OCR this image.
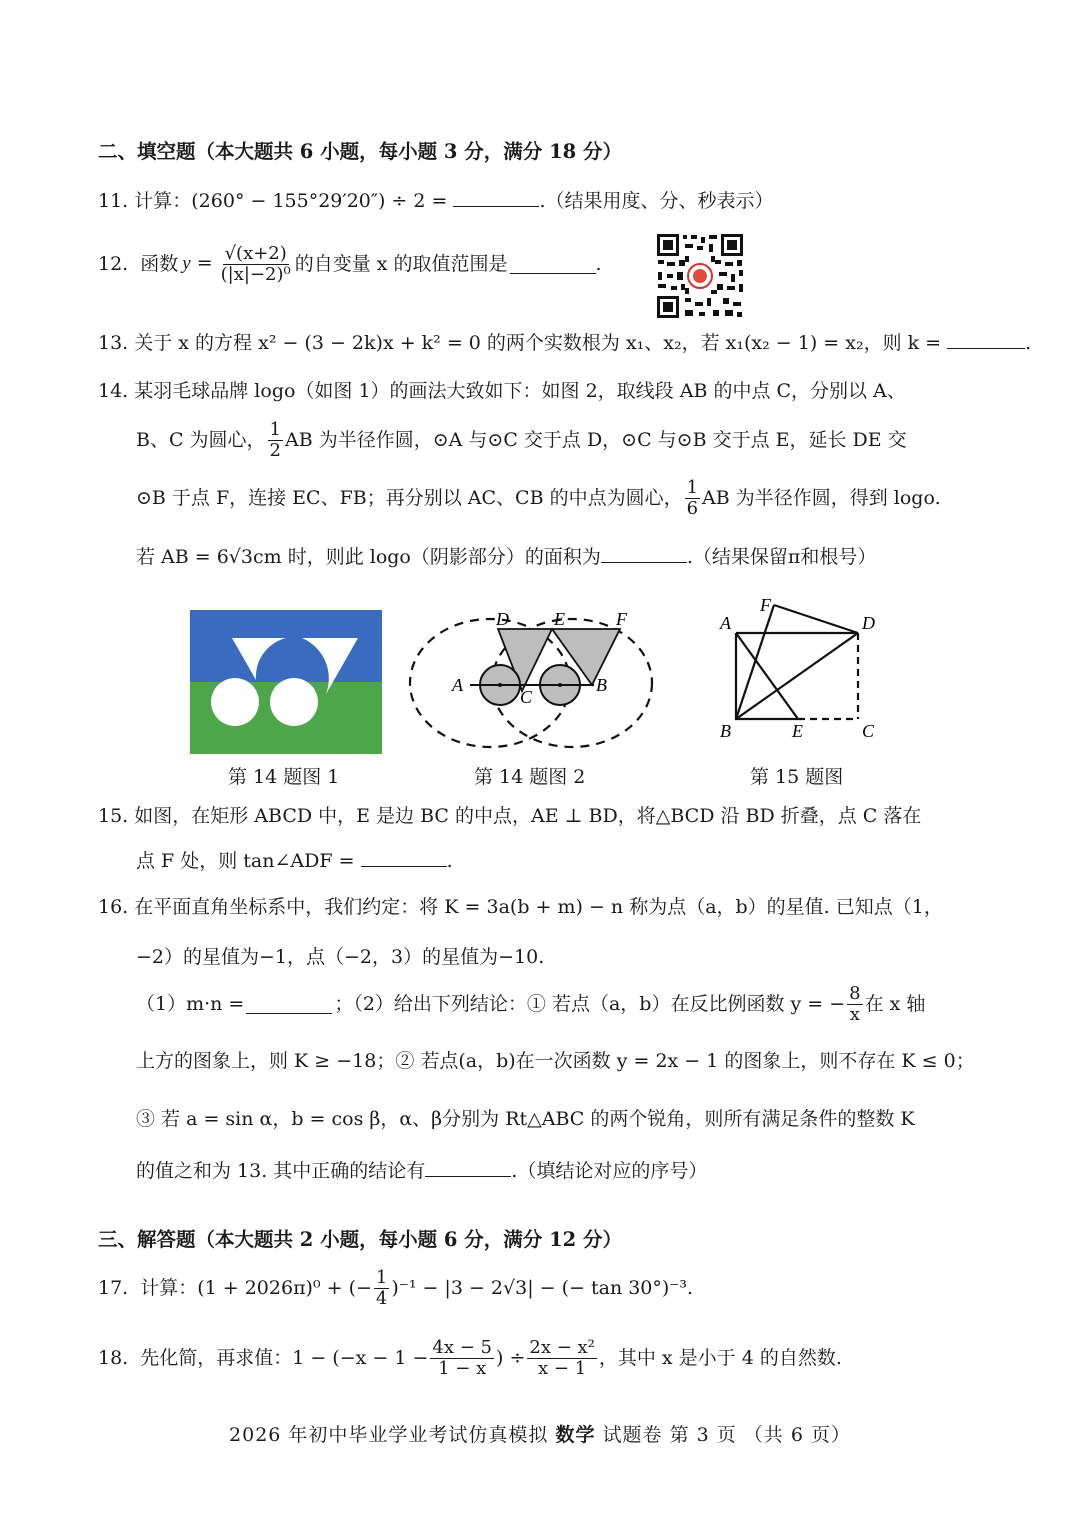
二、填空题（本大题共 6 小题，每小题 3 分，满分 18 分）
11. 计算：(260° − 155°29′20″) ÷ 2 =	.（结果用度、分、秒表示）
12. 函数 $y = \frac{√(x+2)}{\text{(|x|−2)⁰}}$ 的自变量 x 的取值范围是	.
13. 关于 x 的方程 x² − (3 − 2k)x + k² = 0 的两个实数根为 x₁、x₂，若 x₁(x₂ − 1) = x₂，则 k =	.
14. 某羽毛球品牌 logo（如图 1）的画法大致如下：如图 2，取线段 AB 的中点 C，分别以 A、
B、C 为圆心， $\frac{1}{2}$ AB 为半径作圆，⊙A 与⊙C 交于点 D，⊙C 与⊙B 交于点 E，延长 DE 交
⊙B 于点 F，连接 EC、FB；再分别以 AC、CB 的中点为圆心， $\frac{1}{6}$ AB 为半径作圆，得到 logo.
若 AB = 6√3cm 时，则此 logo（阴影部分）的面积为	.（结果保留π和根号）
D	E	F
A	B
C
A
F
D
B	E	C
第 14 题图 1	第 14 题图 2	第 15 题图
15. 如图，在矩形 ABCD 中，E 是边 BC 的中点，AE ⊥ BD，将△BCD 沿 BD 折叠，点 C 落在
点 F 处，则 tan∠ADF =	.
16. 在平面直角坐标系中，我们约定：将 K = 3a(b + m) − n 称为点（a，b）的星值. 已知点（1，
−2）的星值为−1，点（−2，3）的星值为−10.
（1）m·n =	；（2）给出下列结论：① 若点（a，b）在反比例函数 y = − $\frac{8}{x}$ 在 x 轴
上方的图象上，则 K ≥ −18；② 若点(a，b)在一次函数 y = 2x − 1 的图象上，则不存在 K ≤ 0；
③ 若 a = sin α，b = cos β，α、β分别为 Rt△ABC 的两个锐角，则所有满足条件的整数 K
的值之和为 13. 其中正确的结论有	.（填结论对应的序号）
三、解答题（本大题共 2 小题，每小题 6 分，满分 12 分）
17. 计算：(1 + 2026π)⁰ + (− $\frac{1}{4} )^{-1} - |3 - 2√3|$ − (− tan 30°)⁻³.
18. 先化简，再求值：$1 - (-x - 1 - \frac{4x - 5}{1 - x}$ ) ÷ $\frac{\text{2x − x²}}{x - 1}$ ，其中 x 是小于 4 的自然数.
2026 年初中毕业学业考试仿真模拟 数学 试题卷 第 3 页 （共 6 页）
